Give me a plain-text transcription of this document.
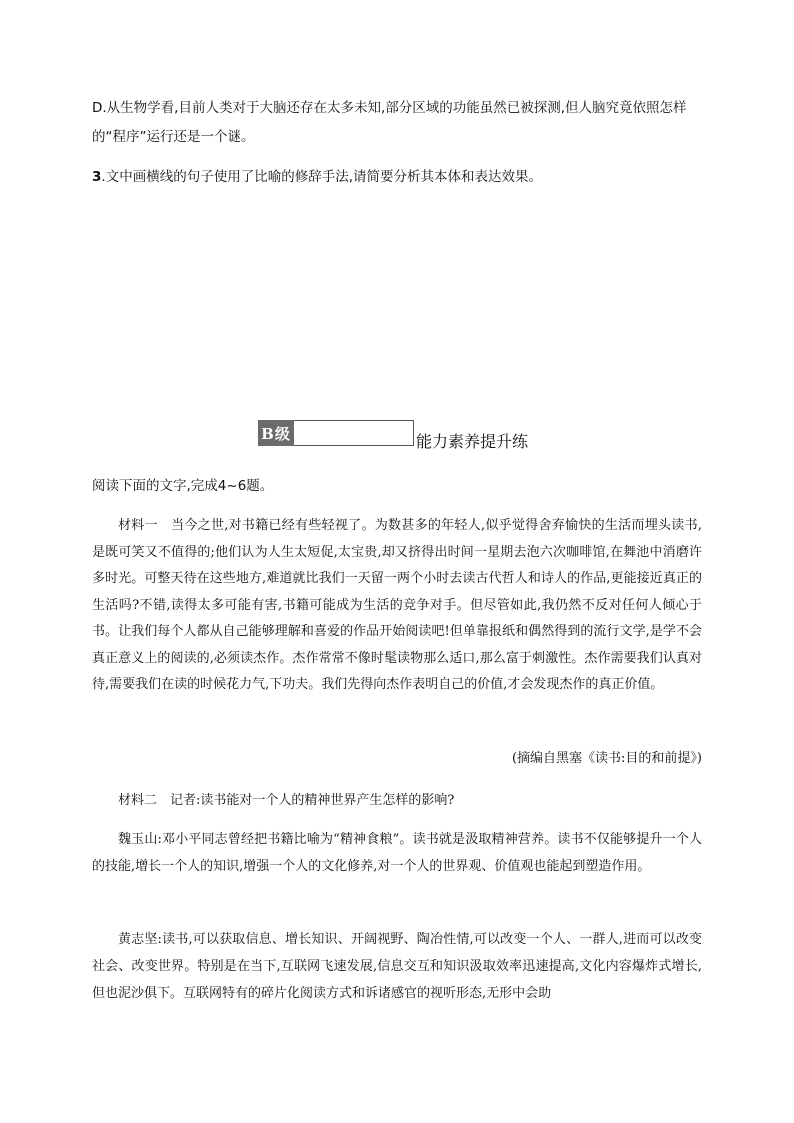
D.从生物学看,目前人类对于大脑还存在太多未知,部分区域的功能虽然已被探测,但人脑究竟依照怎样的“程序”运行还是一个谜。
3.文中画横线的句子使用了比喻的修辞手法,请简要分析其本体和表达效果。
B级	能力素养提升练
阅读下面的文字,完成4~6题。
材料一　当今之世,对书籍已经有些轻视了。为数甚多的年轻人,似乎觉得舍弃愉快的生活而埋头读书,是既可笑又不值得的;他们认为人生太短促,太宝贵,却又挤得出时间一星期去泡六次咖啡馆,在舞池中消磨许多时光。可整天待在这些地方,难道就比我们一天留一两个小时去读古代哲人和诗人的作品,更能接近真正的生活吗?不错,读得太多可能有害,书籍可能成为生活的竞争对手。但尽管如此,我仍然不反对任何人倾心于书。让我们每个人都从自己能够理解和喜爱的作品开始阅读吧!但单靠报纸和偶然得到的流行文学,是学不会真正意义上的阅读的,必须读杰作。杰作常常不像时髦读物那么适口,那么富于刺激性。杰作需要我们认真对待,需要我们在读的时候花力气,下功夫。我们先得向杰作表明自己的价值,才会发现杰作的真正价值。
(摘编自黑塞《读书:目的和前提》)
材料二　记者:读书能对一个人的精神世界产生怎样的影响?
魏玉山:邓小平同志曾经把书籍比喻为“精神食粮”。读书就是汲取精神营养。读书不仅能够提升一个人的技能,增长一个人的知识,增强一个人的文化修养,对一个人的世界观、价值观也能起到塑造作用。
黄志坚:读书,可以获取信息、增长知识、开阔视野、陶冶性情,可以改变一个人、一群人,进而可以改变社会、改变世界。特别是在当下,互联网飞速发展,信息交互和知识汲取效率迅速提高,文化内容爆炸式增长,但也泥沙俱下。互联网特有的碎片化阅读方式和诉诸感官的视听形态,无形中会助
